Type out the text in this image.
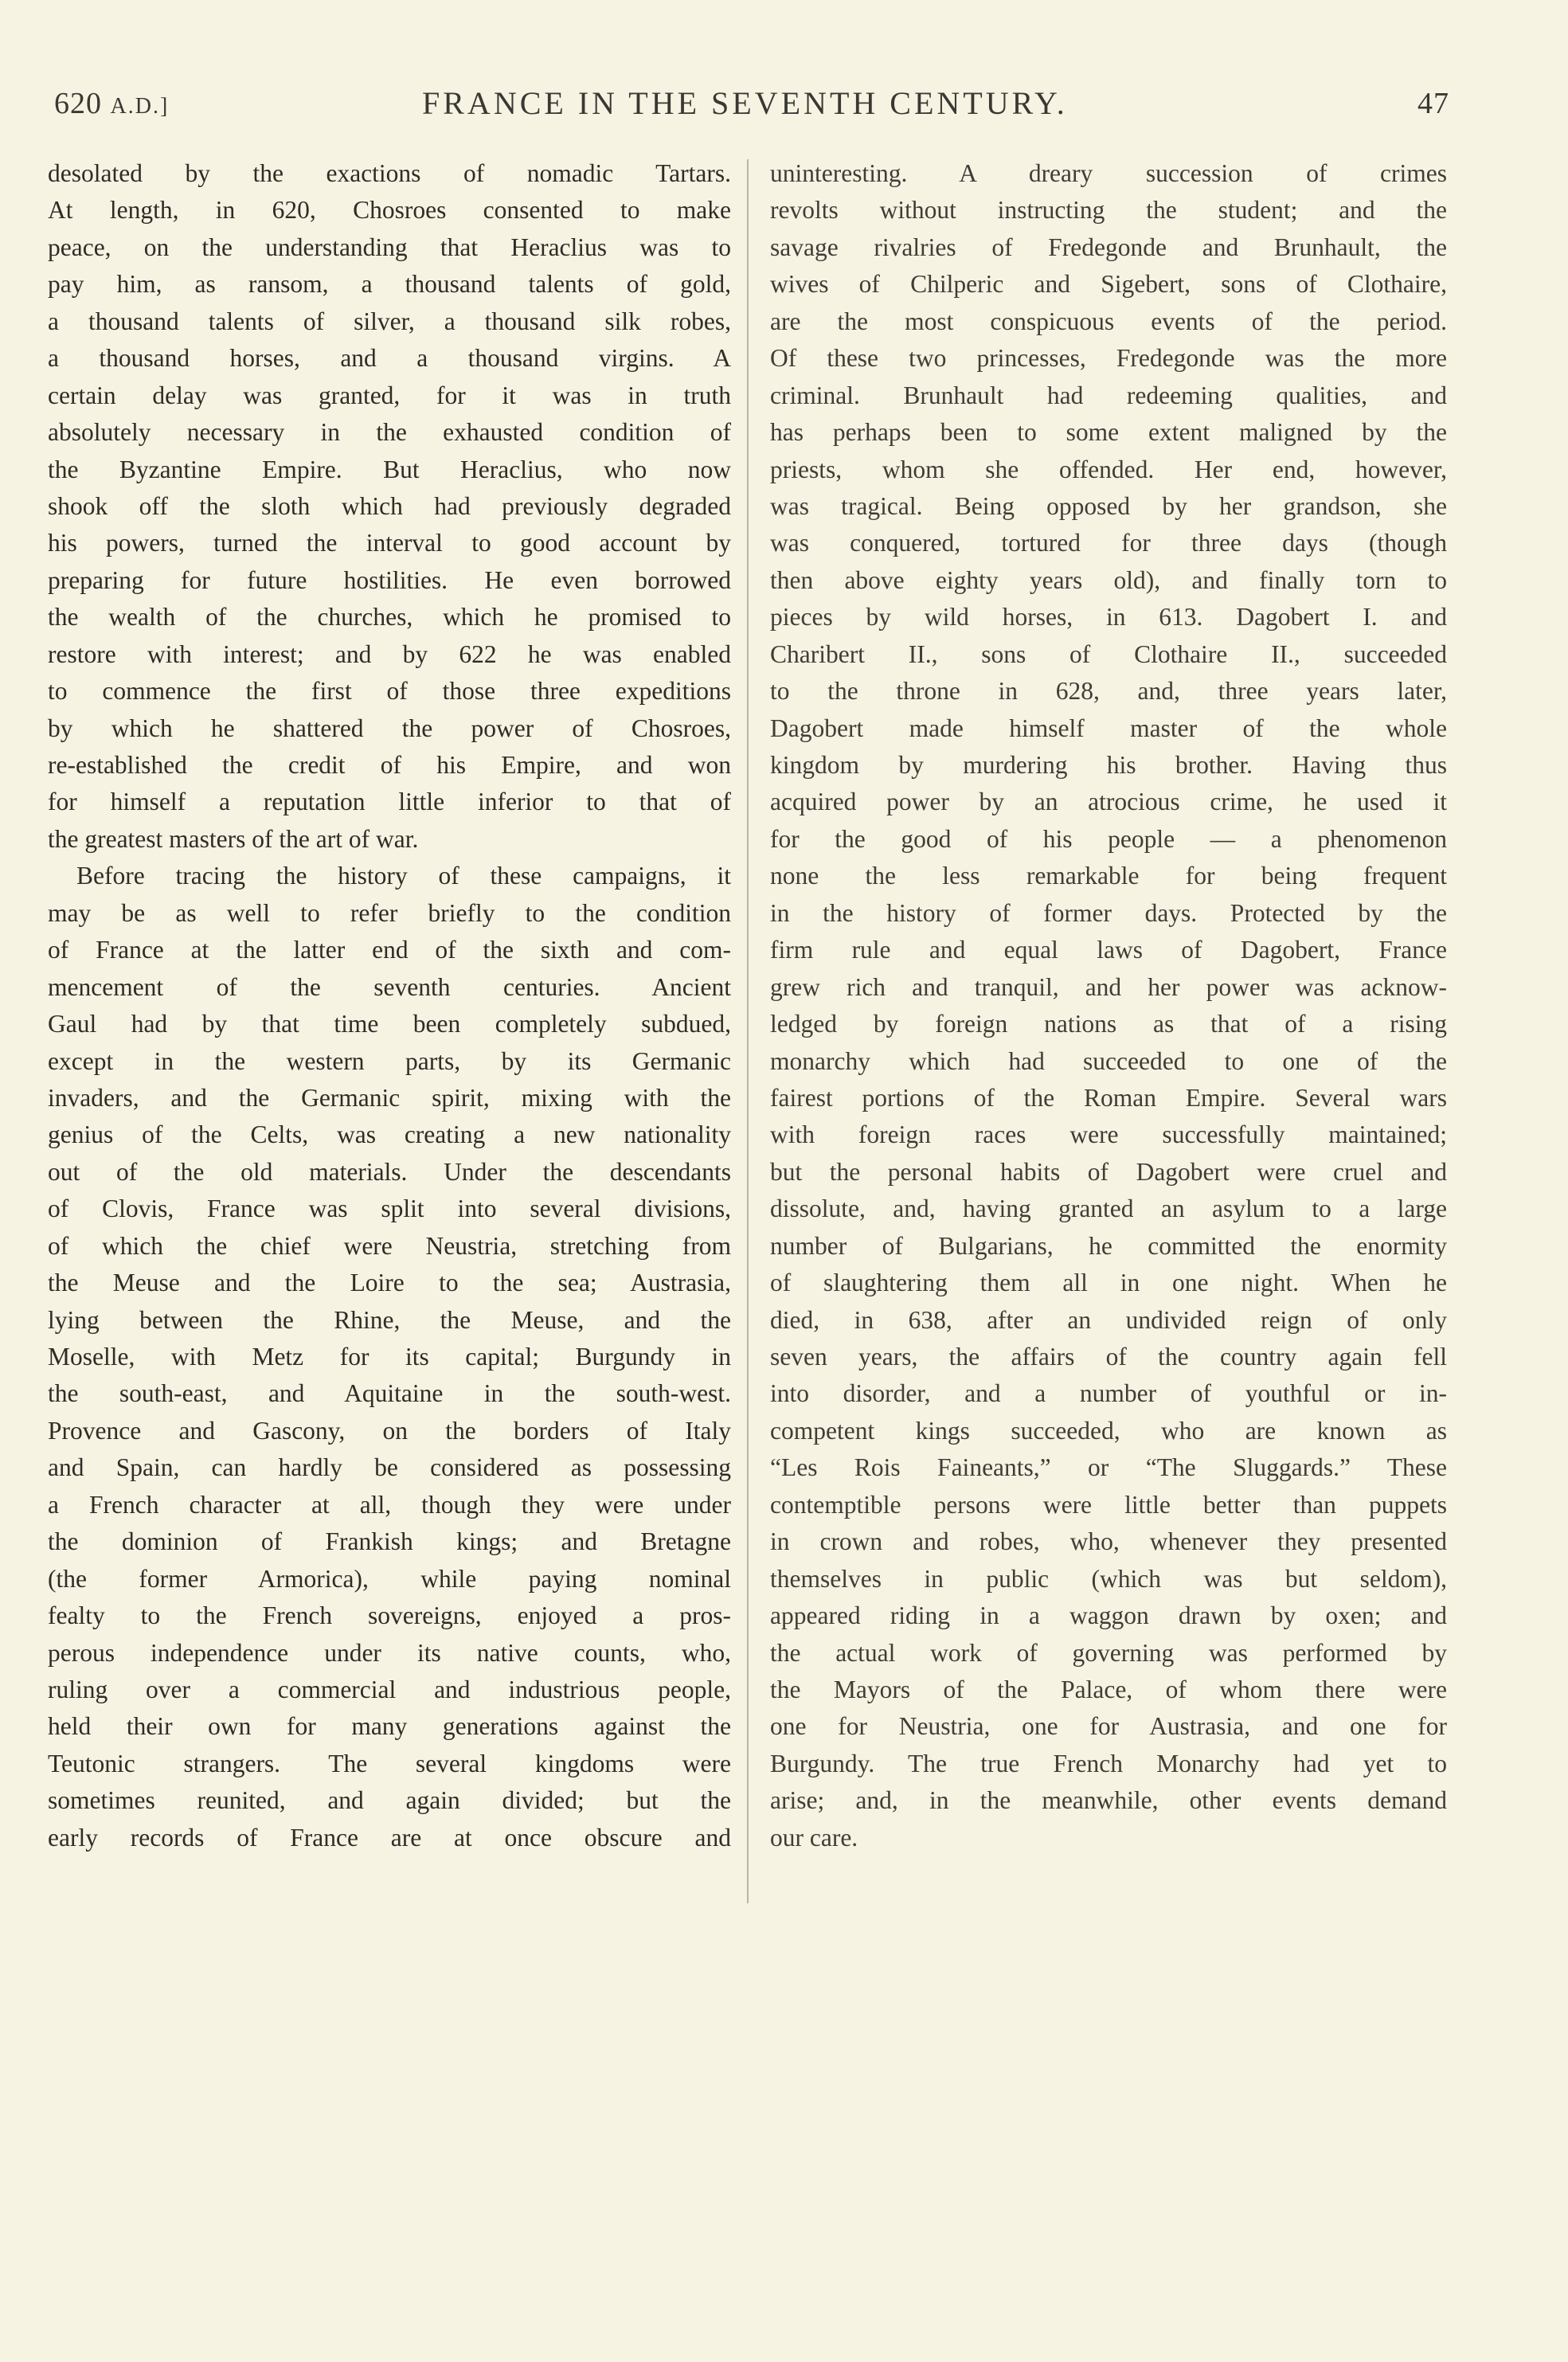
620 A.D.]	FRANCE IN THE SEVENTH CENTURY.	47
desolated by the exactions of nomadic Tartars.
At length, in 620, Chosroes consented to make
peace, on the understanding that Heraclius was to
pay him, as ransom, a thousand talents of gold,
a thousand talents of silver, a thousand silk robes,
a thousand horses, and a thousand virgins. A
certain delay was granted, for it was in truth
absolutely necessary in the exhausted condition of
the Byzantine Empire. But Heraclius, who now
shook off the sloth which had previously degraded
his powers, turned the interval to good account by
preparing for future hostilities. He even borrowed
the wealth of the churches, which he promised to
restore with interest; and by 622 he was enabled
to commence the first of those three expeditions
by which he shattered the power of Chosroes,
re-established the credit of his Empire, and won
for himself a reputation little inferior to that of
the greatest masters of the art of war.
Before tracing the history of these campaigns, it
may be as well to refer briefly to the condition
of France at the latter end of the sixth and com-
mencement of the seventh centuries. Ancient
Gaul had by that time been completely subdued,
except in the western parts, by its Germanic
invaders, and the Germanic spirit, mixing with the
genius of the Celts, was creating a new nationality
out of the old materials. Under the descendants
of Clovis, France was split into several divisions,
of which the chief were Neustria, stretching from
the Meuse and the Loire to the sea; Austrasia,
lying between the Rhine, the Meuse, and the
Moselle, with Metz for its capital; Burgundy in
the south-east, and Aquitaine in the south-west.
Provence and Gascony, on the borders of Italy
and Spain, can hardly be considered as possessing
a French character at all, though they were under
the dominion of Frankish kings; and Bretagne
(the former Armorica), while paying nominal
fealty to the French sovereigns, enjoyed a pros-
perous independence under its native counts, who,
ruling over a commercial and industrious people,
held their own for many generations against the
Teutonic strangers. The several kingdoms were
sometimes reunited, and again divided; but the
early records of France are at once obscure and
uninteresting. A dreary succession of crimes
revolts without instructing the student; and the
savage rivalries of Fredegonde and Brunhault, the
wives of Chilperic and Sigebert, sons of Clothaire,
are the most conspicuous events of the period.
Of these two princesses, Fredegonde was the more
criminal. Brunhault had redeeming qualities, and
has perhaps been to some extent maligned by the
priests, whom she offended. Her end, however,
was tragical. Being opposed by her grandson, she
was conquered, tortured for three days (though
then above eighty years old), and finally torn to
pieces by wild horses, in 613. Dagobert I. and
Charibert II., sons of Clothaire II., succeeded
to the throne in 628, and, three years later,
Dagobert made himself master of the whole
kingdom by murdering his brother. Having thus
acquired power by an atrocious crime, he used it
for the good of his people — a phenomenon
none the less remarkable for being frequent
in the history of former days. Protected by the
firm rule and equal laws of Dagobert, France
grew rich and tranquil, and her power was acknow-
ledged by foreign nations as that of a rising
monarchy which had succeeded to one of the
fairest portions of the Roman Empire. Several wars
with foreign races were successfully maintained;
but the personal habits of Dagobert were cruel and
dissolute, and, having granted an asylum to a large
number of Bulgarians, he committed the enormity
of slaughtering them all in one night. When he
died, in 638, after an undivided reign of only
seven years, the affairs of the country again fell
into disorder, and a number of youthful or in-
competent kings succeeded, who are known as
“Les Rois Faineants,” or “The Sluggards.” These
contemptible persons were little better than puppets
in crown and robes, who, whenever they presented
themselves in public (which was but seldom),
appeared riding in a waggon drawn by oxen; and
the actual work of governing was performed by
the Mayors of the Palace, of whom there were
one for Neustria, one for Austrasia, and one for
Burgundy. The true French Monarchy had yet to
arise; and, in the meanwhile, other events demand
our care.
